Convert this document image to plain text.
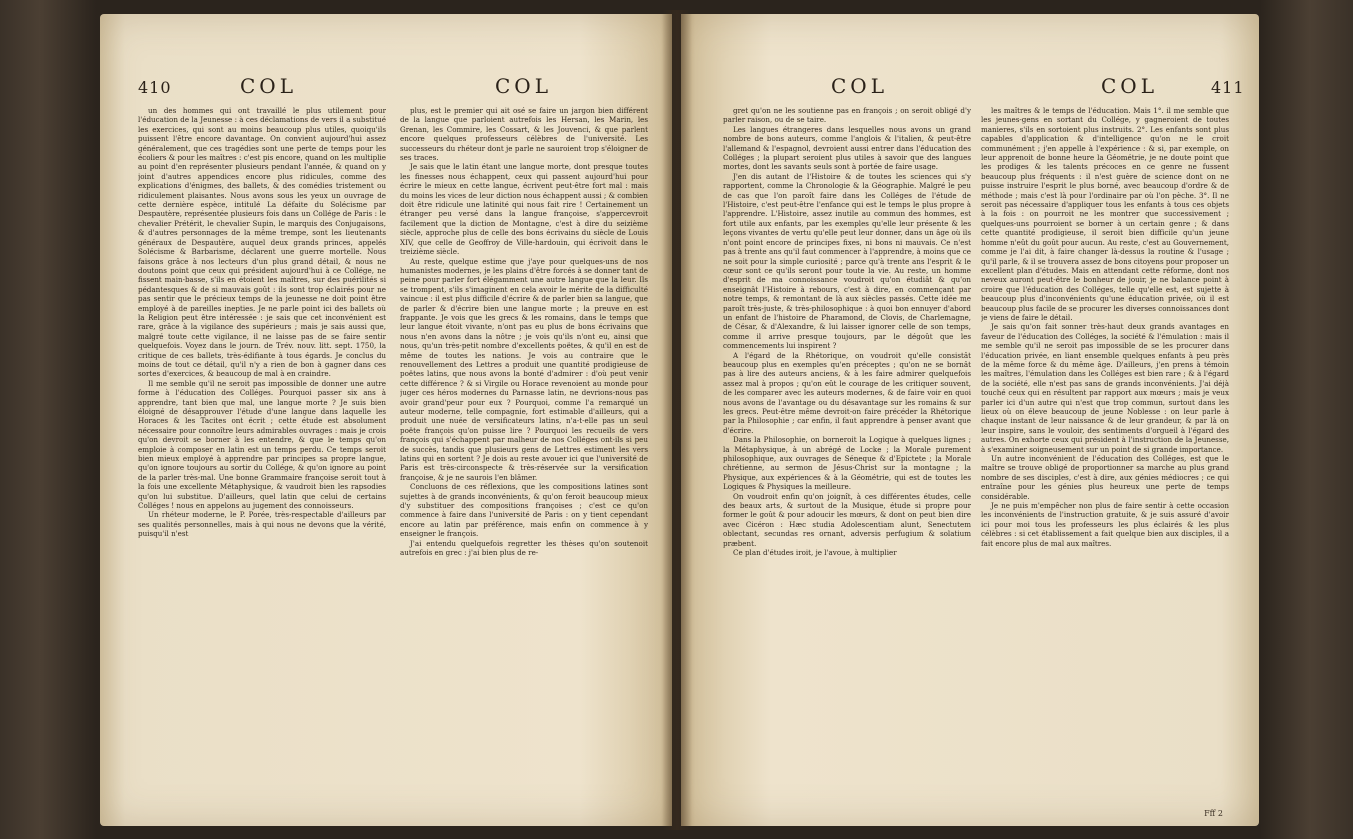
410	COL	COL

un des hommes qui ont travaillé le plus utilement pour l'éducation de la Jeunesse : à ces déclamations de vers il a substitué les exercices, qui sont au moins beaucoup plus utiles, quoiqu'ils puissent l'être encore davantage. On convient aujourd'hui assez généralement, que ces tragédies sont une perte de temps pour les écoliers & pour les maîtres : c'est pis encore, quand on les multiplie au point d'en représenter plusieurs pendant l'année, & quand on y joint d'autres appendices encore plus ridicules, comme des explications d'énigmes, des ballets, & des comédies tristement ou ridiculement plaisantes. Nous avons sous les yeux un ouvrage de cette dernière espèce, intitulé La défaite du Solécisme par Despautère, représentée plusieurs fois dans un Collége de Paris : le chevalier Prétérit, le chevalier Supin, le marquis des Conjugaisons, & d'autres personnages de la même trempe, sont les lieutenants généraux de Despautère, auquel deux grands princes, appelés Solécisme & Barbarisme, déclarent une guerre mortelle. Nous faisons grâce à nos lecteurs d'un plus grand détail, & nous ne doutons point que ceux qui président aujourd'hui à ce Collége, ne fissent main-basse, s'ils en étoient les maîtres, sur des puérilités si pédantesques & de si mauvais goût : ils sont trop éclairés pour ne pas sentir que le précieux temps de la jeunesse ne doit point être employé à de pareilles inepties. Je ne parle point ici des ballets où la Religion peut être intéressée : je sais que cet inconvénient est rare, grâce à la vigilance des supérieurs ; mais je sais aussi que, malgré toute cette vigilance, il ne laisse pas de se faire sentir quelquefois. Voyez dans le journ. de Trév. nouv. litt. sept. 1750, la critique de ces ballets, très-édifiante à tous égards. Je conclus du moins de tout ce détail, qu'il n'y a rien de bon à gagner dans ces sortes d'exercices, & beaucoup de mal à en craindre.

Il me semble qu'il ne seroit pas impossible de donner une autre forme à l'éducation des Colléges. Pourquoi passer six ans à apprendre, tant bien que mal, une langue morte ? Je suis bien éloigné de désapprouver l'étude d'une langue dans laquelle les Horaces & les Tacites ont écrit ; cette étude est absolument nécessaire pour connoître leurs admirables ouvrages : mais je crois qu'on devroit se borner à les entendre, & que le temps qu'on emploie à composer en latin est un temps perdu. Ce temps seroit bien mieux employé à apprendre par principes sa propre langue, qu'on ignore toujours au sortir du Collége, & qu'on ignore au point de la parler très-mal. Une bonne Grammaire françoise seroit tout à la fois une excellente Métaphysique, & vaudroit bien les rapsodies qu'on lui substitue. D'ailleurs, quel latin que celui de certains Colléges ! nous en appelons au jugement des connoisseurs.

Un rhéteur moderne, le P. Porée, très-respectable d'ailleurs par ses qualités personnelles, mais à qui nous ne devons que la vérité, puisqu'il n'est

plus, est le premier qui ait osé se faire un jargon bien différent de la langue que parloient autrefois les Hersan, les Marin, les Grenan, les Commire, les Cossart, & les Jouvenci, & que parlent encore quelques professeurs célèbres de l'université. Les successeurs du rhéteur dont je parle ne sauroient trop s'éloigner de ses traces.

Je sais que le latin étant une langue morte, dont presque toutes les finesses nous échappent, ceux qui passent aujourd'hui pour écrire le mieux en cette langue, écrivent peut-être fort mal : mais du moins les vices de leur diction nous échappent aussi ; & combien doit être ridicule une latinité qui nous fait rire ! Certainement un étranger peu versé dans la langue françoise, s'appercevroit facilement que la diction de Montagne, c'est à dire du seizième siècle, approche plus de celle des bons écrivains du siècle de Louis XIV, que celle de Geoffroy de Ville-hardouin, qui écrivoit dans le treizième siècle.

Au reste, quelque estime que j'aye pour quelques-uns de nos humanistes modernes, je les plains d'être forcés à se donner tant de peine pour parler fort élégamment une autre langue que la leur. Ils se trompent, s'ils s'imaginent en cela avoir le mérite de la difficulté vaincue : il est plus difficile d'écrire & de parler bien sa langue, que de parler & d'écrire bien une langue morte ; la preuve en est frappante. Je vois que les grecs & les romains, dans le temps que leur langue étoit vivante, n'ont pas eu plus de bons écrivains que nous n'en avons dans la nôtre ; je vois qu'ils n'ont eu, ainsi que nous, qu'un très-petit nombre d'excellents poëtes, & qu'il en est de même de toutes les nations. Je vois au contraire que le renouvellement des Lettres a produit une quantité prodigieuse de poëtes latins, que nous avons la bonté d'admirer : d'où peut venir cette différence ? & si Virgile ou Horace revenoient au monde pour juger ces héros modernes du Parnasse latin, ne devrions-nous pas avoir grand'peur pour eux ? Pourquoi, comme l'a remarqué un auteur moderne, telle compagnie, fort estimable d'ailleurs, qui a produit une nuée de versificateurs latins, n'a-t-elle pas un seul poëte françois qu'on puisse lire ? Pourquoi les recueils de vers françois qui s'échappent par malheur de nos Colléges ont-ils si peu de succès, tandis que plusieurs gens de Lettres estiment les vers latins qui en sortent ? Je dois au reste avouer ici que l'université de Paris est très-circonspecte & très-réservée sur la versification françoise, & je ne saurois l'en blâmer.

Concluons de ces réflexions, que les compositions latines sont sujettes à de grands inconvénients, & qu'on feroit beaucoup mieux d'y substituer des compositions françoises ; c'est ce qu'on commence à faire dans l'université de Paris : on y tient cependant encore au latin par préférence, mais enfin on commence à y enseigner le françois.

J'ai entendu quelquefois regretter les thèses qu'on soutenoit autrefois en grec : j'ai bien plus de re-

COL	COL	411

gret qu'on ne les soutienne pas en françois ; on seroit obligé d'y parler raison, ou de se taire.

Les langues étrangeres dans lesquelles nous avons un grand nombre de bons auteurs, comme l'anglois & l'italien, & peut-être l'allemand & l'espagnol, devroient aussi entrer dans l'éducation des Colléges ; la plupart seroient plus utiles à savoir que des langues mortes, dont les savants seuls sont à portée de faire usage.

J'en dis autant de l'Histoire & de toutes les sciences qui s'y rapportent, comme la Chronologie & la Géographie. Malgré le peu de cas que l'on paroît faire dans les Colléges de l'étude de l'Histoire, c'est peut-être l'enfance qui est le temps le plus propre à l'apprendre. L'Histoire, assez inutile au commun des hommes, est fort utile aux enfants, par les exemples qu'elle leur présente & les leçons vivantes de vertu qu'elle peut leur donner, dans un âge où ils n'ont point encore de principes fixes, ni bons ni mauvais. Ce n'est pas à trente ans qu'il faut commencer à l'apprendre, à moins que ce ne soit pour la simple curiosité ; parce qu'à trente ans l'esprit & le cœur sont ce qu'ils seront pour toute la vie. Au reste, un homme d'esprit de ma connoissance voudroit qu'on étudiât & qu'on enseignât l'Histoire à rebours, c'est à dire, en commençant par notre temps, & remontant de là aux siècles passés. Cette idée me paroît très-juste, & très-philosophique : à quoi bon ennuyer d'abord un enfant de l'histoire de Pharamond, de Clovis, de Charlemagne, de César, & d'Alexandre, & lui laisser ignorer celle de son temps, comme il arrive presque toujours, par le dégoût que les commencements lui inspirent ?

A l'égard de la Rhétorique, on voudroit qu'elle consistât beaucoup plus en exemples qu'en préceptes ; qu'on ne se bornât pas à lire des auteurs anciens, & à les faire admirer quelquefois assez mal à propos ; qu'on eût le courage de les critiquer souvent, de les comparer avec les auteurs modernes, & de faire voir en quoi nous avons de l'avantage ou du désavantage sur les romains & sur les grecs. Peut-être même devroit-on faire précéder la Rhétorique par la Philosophie ; car enfin, il faut apprendre à penser avant que d'écrire.

Dans la Philosophie, on borneroit la Logique à quelques lignes ; la Métaphysique, à un abrégé de Locke ; la Morale purement philosophique, aux ouvrages de Séneque & d'Epictete ; la Morale chrétienne, au sermon de Jésus-Christ sur la montagne ; la Physique, aux expériences & à la Géométrie, qui est de toutes les Logiques & Physiques la meilleure.

On voudroit enfin qu'on joignît, à ces différentes études, celle des beaux arts, & surtout de la Musique, étude si propre pour former le goût & pour adoucir les mœurs, & dont on peut bien dire avec Cicéron : Hæc studia Adolescentiam alunt, Senectutem oblectant, secundas res ornant, adversis perfugium & solatium præbent.

Ce plan d'études iroit, je l'avoue, à multiplier

les maîtres & le temps de l'éducation. Mais 1°. il me semble que les jeunes-gens en sortant du Collége, y gagneroient de toutes manieres, s'ils en sortoient plus instruits. 2°. Les enfants sont plus capables d'application & d'intelligence qu'on ne le croit communément ; j'en appelle à l'expérience : & si, par exemple, on leur apprenoit de bonne heure la Géométrie, je ne doute point que les prodiges & les talents précoces en ce genre ne fussent beaucoup plus fréquents : il n'est guère de science dont on ne puisse instruire l'esprit le plus borné, avec beaucoup d'ordre & de méthode ; mais c'est là pour l'ordinaire par où l'on pèche. 3°. Il ne seroit pas nécessaire d'appliquer tous les enfants à tous ces objets à la fois : on pourroit ne les montrer que successivement ; quelques-uns pourroient se borner à un certain genre ; & dans cette quantité prodigieuse, il seroit bien difficile qu'un jeune homme n'eût du goût pour aucun. Au reste, c'est au Gouvernement, comme je l'ai dit, à faire changer là-dessus la routine & l'usage ; qu'il parle, & il se trouvera assez de bons citoyens pour proposer un excellent plan d'études. Mais en attendant cette réforme, dont nos neveux auront peut-être le bonheur de jouir, je ne balance point à croire que l'éducation des Colléges, telle qu'elle est, est sujette à beaucoup plus d'inconvénients qu'une éducation privée, où il est beaucoup plus facile de se procurer les diverses connoissances dont je viens de faire le détail.

Je sais qu'on fait sonner très-haut deux grands avantages en faveur de l'éducation des Colléges, la société & l'émulation : mais il me semble qu'il ne seroit pas impossible de se les procurer dans l'éducation privée, en liant ensemble quelques enfants à peu près de la même force & du même âge. D'ailleurs, j'en prens à témoin les maîtres, l'émulation dans les Colléges est bien rare ; & à l'égard de la société, elle n'est pas sans de grands inconvénients. J'ai déjà touché ceux qui en résultent par rapport aux mœurs ; mais je veux parler ici d'un autre qui n'est que trop commun, surtout dans les lieux où on éleve beaucoup de jeune Noblesse : on leur parle à chaque instant de leur naissance & de leur grandeur, & par là on leur inspire, sans le vouloir, des sentiments d'orgueil à l'égard des autres. On exhorte ceux qui président à l'instruction de la Jeunesse, à s'examiner soigneusement sur un point de si grande importance.

Un autre inconvénient de l'éducation des Colléges, est que le maître se trouve obligé de proportionner sa marche au plus grand nombre de ses disciples, c'est à dire, aux génies médiocres ; ce qui entraîne pour les génies plus heureux une perte de temps considérable.

Je ne puis m'empêcher non plus de faire sentir à cette occasion les inconvénients de l'instruction gratuite, & je suis assuré d'avoir ici pour moi tous les professeurs les plus éclairés & les plus célèbres : si cet établissement a fait quelque bien aux disciples, il a fait encore plus de mal aux maîtres.

Fff 2
